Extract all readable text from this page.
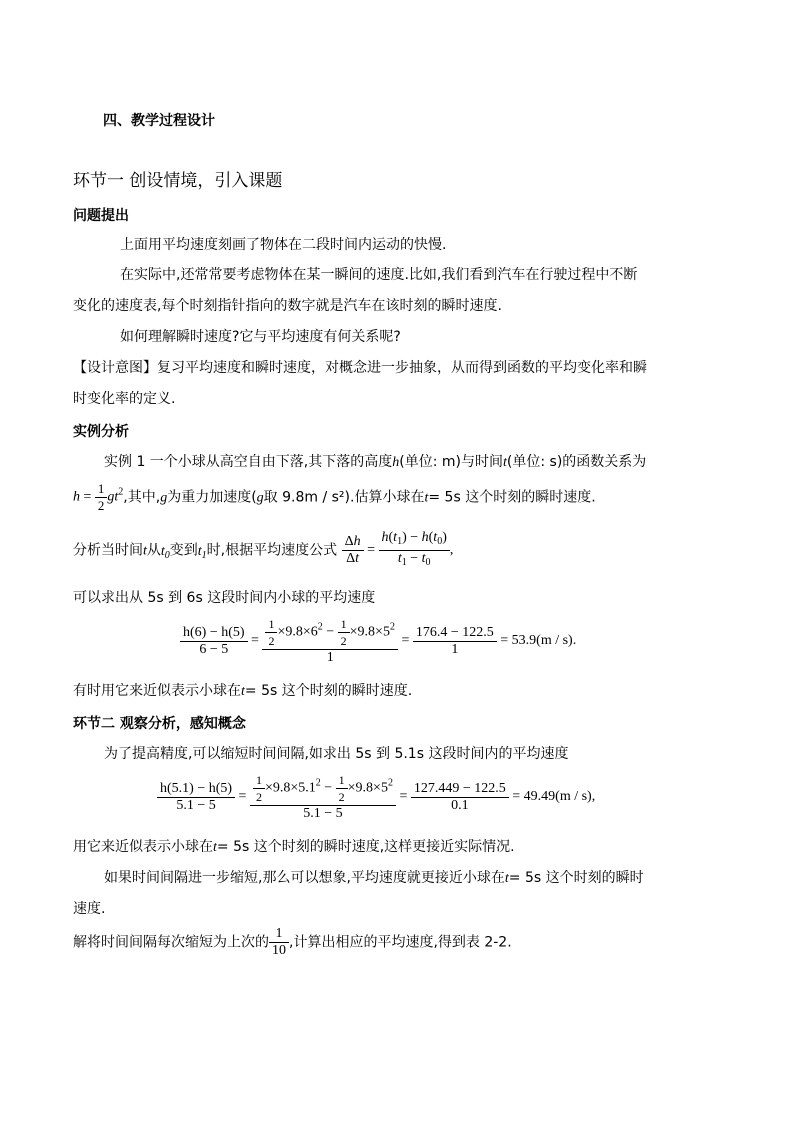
四、教学过程设计
环节一 创设情境，引入课题
问题提出
上面用平均速度刻画了物体在二段时间内运动的快慢.
在实际中,还常常要考虑物体在某一瞬间的速度.比如,我们看到汽车在行驶过程中不断
变化的速度表,每个时刻指针指向的数字就是汽车在该时刻的瞬时速度.
如何理解瞬时速度?它与平均速度有何关系呢?
【设计意图】复习平均速度和瞬时速度，对概念进一步抽象，从而得到函数的平均变化率和瞬
时变化率的定义.
实例分析
实例 1 一个小球从高空自由下落,其下落的高度h(单位: m)与时间t(单位: s)的函数关系为
$h = \frac{1}{2} gt^2$,其中,g为重力加速度(g取 9.8m / s²).估算小球在t= 5s 这个时刻的瞬时速度.
分析当时间t从$t_0$变到$t_1$时,根据平均速度公式 $\frac{\Delta h}{\Delta t} = \frac{h(t_1) - h(t_0)}{t_1 - t_0}$ ,
可以求出从 5s 到 6s 这段时间内小球的平均速度
$\frac{h(6) - h(5)}{6 - 5} = \frac{\frac{1}{2} \times 9.8\times 6^2 - \frac{1}{2} \times 9.8\times 5^2}{1} = \frac{176.4 - 122.5}{1} = 53.9(m / s)$.
有时用它来近似表示小球在t= 5s 这个时刻的瞬时速度.
环节二 观察分析，感知概念
为了提高精度,可以缩短时间间隔,如求出 5s 到 5.1s 这段时间内的平均速度
$\frac{h(5.1) - h(5)}{5.1 - 5} = \frac{\frac{1}{2} \times 9.8\times 5.1^2 - \frac{1}{2} \times 9.8\times 5^2}{5.1 - 5} = \frac{127.449 - 122.5}{0.1} = 49.49(m / s)$,
用它来近似表示小球在t= 5s 这个时刻的瞬时速度,这样更接近实际情况.
如果时间间隔进一步缩短,那么可以想象,平均速度就更接近小球在t= 5s 这个时刻的瞬时
速度.
解将时间间隔每次缩短为上次的 $\frac{1}{10}$ ,计算出相应的平均速度,得到表 2-2.
